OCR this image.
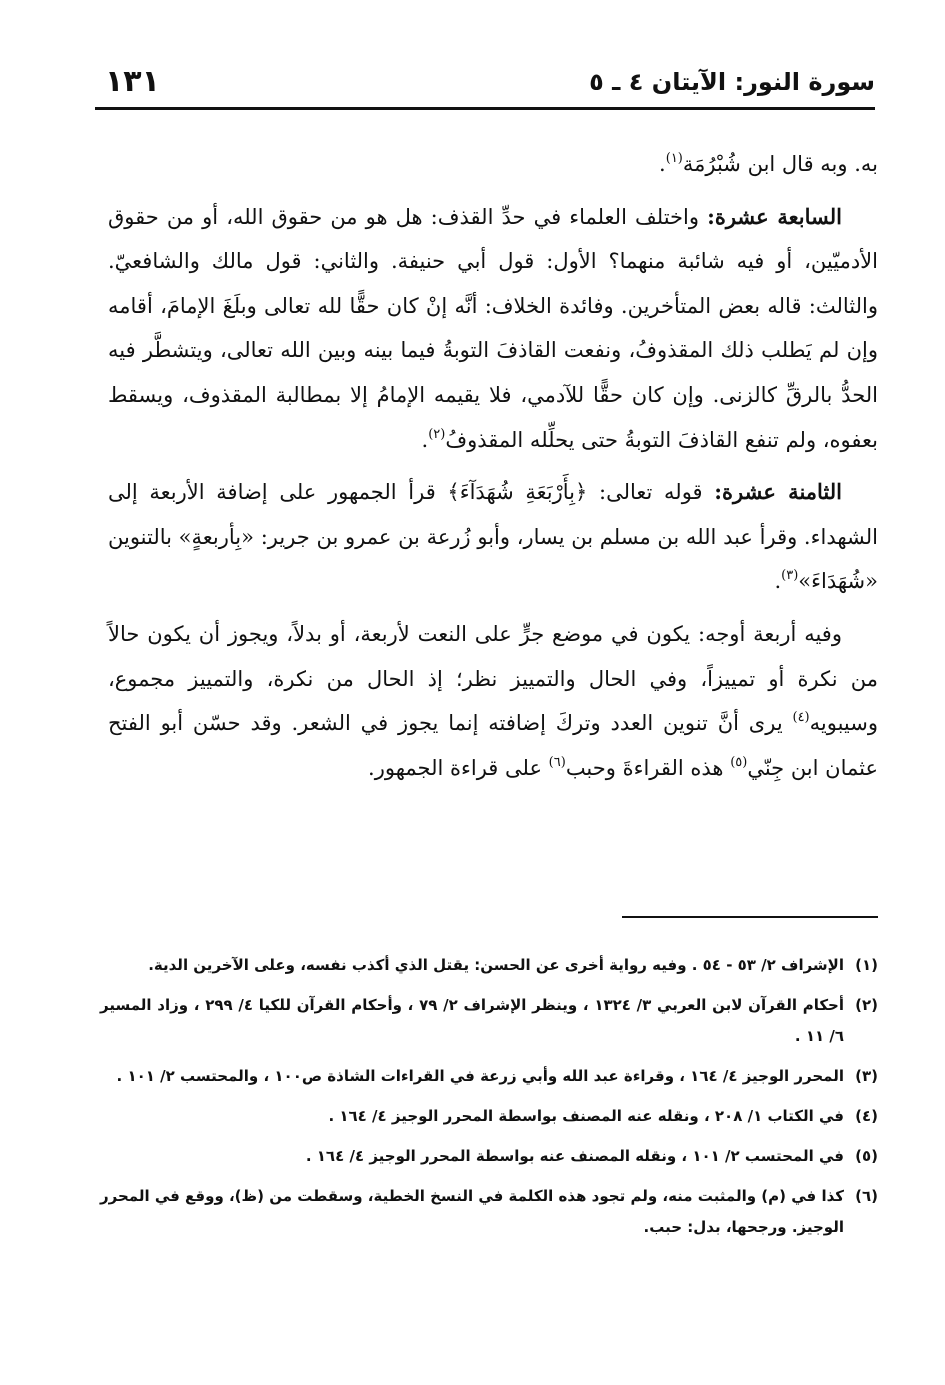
سورة النور: الآيتان ٤ ـ ٥
١٣١

به. وبه قال ابن شُبْرُمَة$^{(١)}$.

السابعة عشرة: واختلف العلماء في حدِّ القذف: هل هو من حقوق الله، أو من حقوق الأدميّين، أو فيه شائبة منهما؟ الأول: قول أبي حنيفة. والثاني: قول مالك والشافعيّ. والثالث: قاله بعض المتأخرين. وفائدة الخلاف: أنَّه إنْ كان حقًّا لله تعالى وبلَغَ الإمامَ، أقامه وإن لم يَطلب ذلك المقذوفُ، ونفعت القاذفَ التوبةُ فيما بينه وبين الله تعالى، ويتشطَّر فيه الحدُّ بالرقِّ كالزنى. وإن كان حقًّا للآدمي، فلا يقيمه الإمامُ إلا بمطالبة المقذوف، ويسقط بعفوه، ولم تنفع القاذفَ التوبةُ حتى يحلِّله المقذوفُ$^{(٢)}$.

الثامنة عشرة: قوله تعالى: ﴿بِأَرْبَعَةِ شُهَدَآءَ﴾ قرأ الجمهور على إضافة الأربعة إلى الشهداء. وقرأ عبد الله بن مسلم بن يسار، وأبو زُرعة بن عمرو بن جرير: «بِأربعةٍ» بالتنوين «شُهَدَاءَ»$^{(٣)}$.

وفيه أربعة أوجه: يكون في موضع جرٍّ على النعت لأربعة، أو بدلاً، ويجوز أن يكون حالاً من نكرة أو تمييزاً، وفي الحال والتمييز نظر؛ إذ الحال من نكرة، والتمييز مجموع، وسيبويه$^{(٤)}$ يرى أنَّ تنوين العدد وتركَ إضافته إنما يجوز في الشعر. وقد حسّن أبو الفتح عثمان ابن جِنّي$^{(٥)}$ هذه القراءةَ وحبب$^{(٦)}$ على قراءة الجمهور.

(١)
الإشراف ٢/ ٥٣ - ٥٤ . وفيه رواية أخرى عن الحسن: يقتل الذي أكذب نفسه، وعلى الآخرين الدية.
(٢)
أحكام القرآن لابن العربي ٣/ ١٣٢٤ ، وينظر الإشراف ٢/ ٧٩ ، وأحكام القرآن للكيا ٤/ ٢٩٩ ، وزاد المسير ٦/ ١١ .
(٣)
المحرر الوجيز ٤/ ١٦٤ ، وقراءة عبد الله وأبي زرعة في القراءات الشاذة ص١٠٠ ، والمحتسب ٢/ ١٠١ .
(٤)
في الكتاب ١/ ٢٠٨ ، ونقله عنه المصنف بواسطة المحرر الوجيز ٤/ ١٦٤ .
(٥)
في المحتسب ٢/ ١٠١ ، ونقله المصنف عنه بواسطة المحرر الوجيز ٤/ ١٦٤ .
(٦)
كذا في (م) والمثبت منه، ولم تجود هذه الكلمة في النسخ الخطية، وسقطت من (ظ)، ووقع في المحرر الوجيز. ورجحها، بدل: حبب.
